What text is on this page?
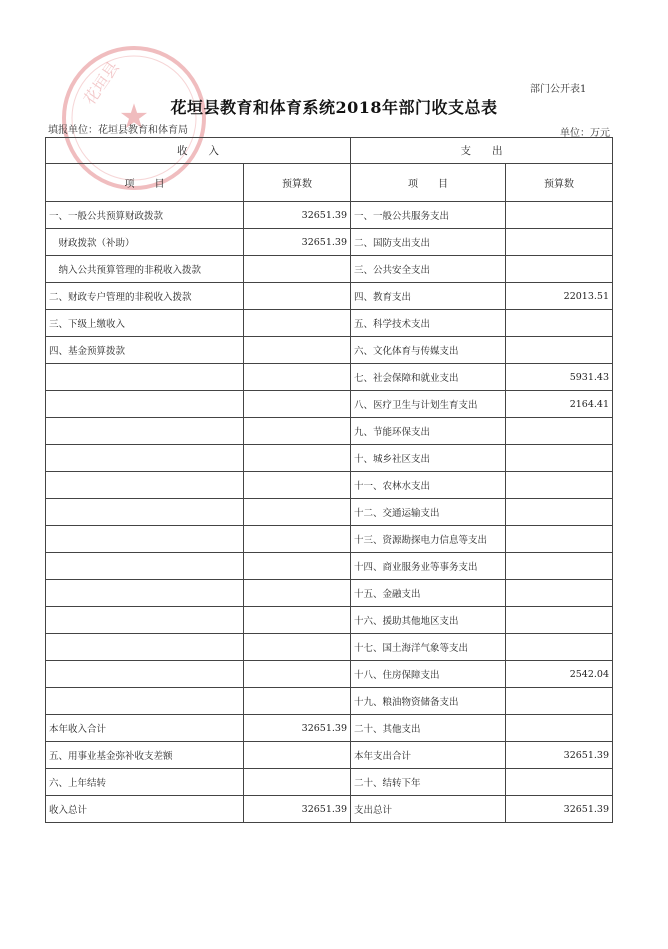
★
花垣县	部门公开表1
花垣县教育和体育系统2018年部门收支总表
填报单位：花垣县教育和体育局	单位：万元
收　　入		支　　出	
项　　目	预算数	项　　目	预算数
一、一般公共预算财政拨款	32651.39	一、一般公共服务支出	
　财政拨款（补助）	32651.39	二、国防支出支出	
　纳入公共预算管理的非税收入拨款		三、公共安全支出	
二、财政专户管理的非税收入拨款		四、教育支出	22013.51
三、下级上缴收入		五、科学技术支出	
四、基金预算拨款		六、文化体育与传媒支出	
		七、社会保障和就业支出	5931.43
		八、医疗卫生与计划生育支出	2164.41
		九、节能环保支出	
		十、城乡社区支出	
		十一、农林水支出	
		十二、交通运输支出	
		十三、资源勘探电力信息等支出	
		十四、商业服务业等事务支出	
		十五、金融支出	
		十六、援助其他地区支出	
		十七、国土海洋气象等支出	
		十八、住房保障支出	2542.04
		十九、粮油物资储备支出	
本年收入合计	32651.39	二十、其他支出	
五、用事业基金弥补收支差额		本年支出合计	32651.39
六、上年结转		二十、结转下年	
收入总计	32651.39	支出总计	32651.39
